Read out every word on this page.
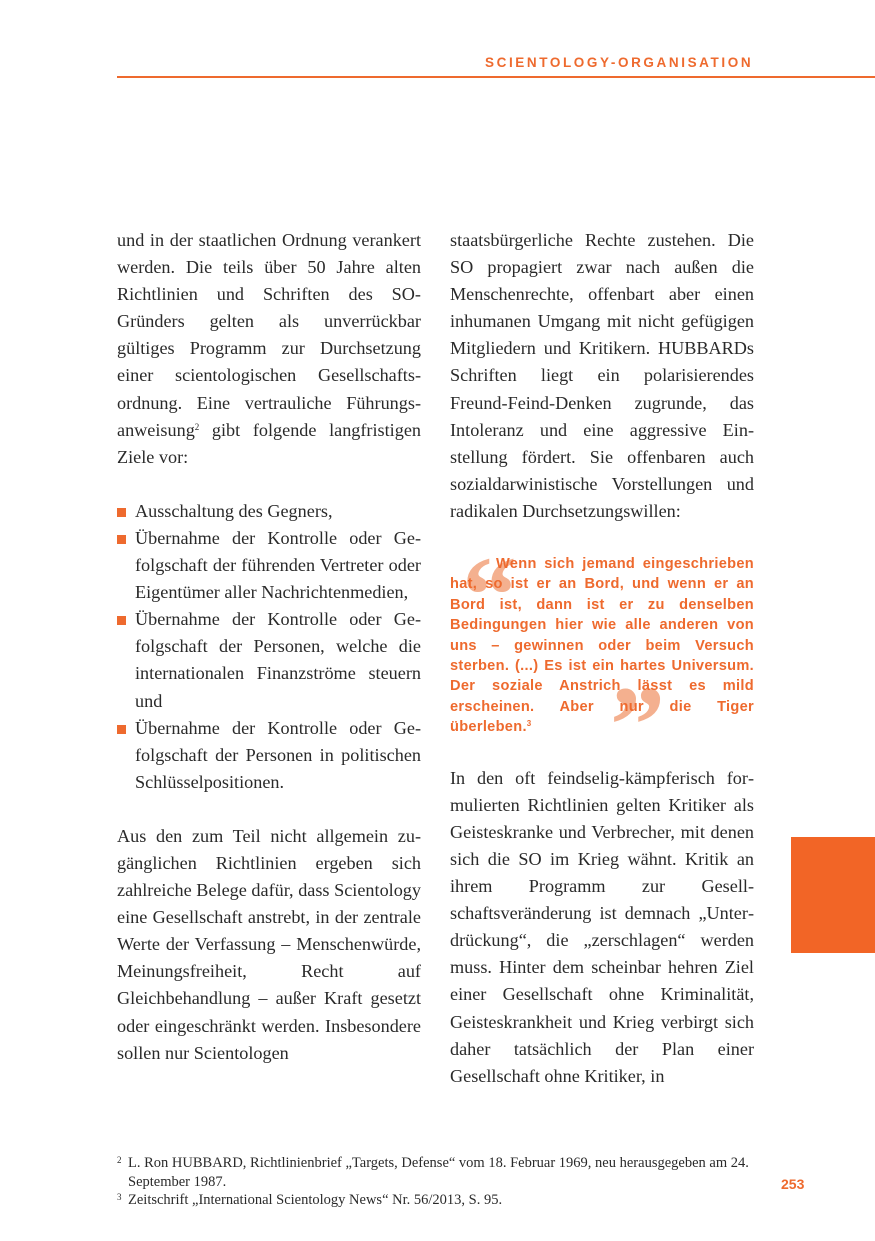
SCIENTOLOGY-ORGANISATION

und in der staatlichen Ordnung verankert werden. Die teils über 50 Jahre alten Richtlinien und Schriften des SO-Gründers gelten als unverrückbar gültiges Programm zur Durchsetzung einer scientologischen Gesellschaftsordnung. Eine vertrauliche Führungsanweisung$^2$ gibt folgende langfristigen Ziele vor:

Ausschaltung des Gegners,
Übernahme der Kontrolle oder Gefolgschaft der führenden Vertreter oder Eigentümer aller Nachrichtenmedien,
Übernahme der Kontrolle oder Gefolgschaft der Personen, welche die internationalen Finanzströme steuern und
Übernahme der Kontrolle oder Gefolgschaft der Personen in politischen Schlüsselpositionen.

Aus den zum Teil nicht allgemein zugänglichen Richtlinien ergeben sich zahlreiche Belege dafür, dass Scientology eine Gesellschaft anstrebt, in der zentrale Werte der Verfassung – Menschenwürde, Meinungsfreiheit, Recht auf Gleichbehandlung – außer Kraft gesetzt oder eingeschränkt werden. Insbesondere sollen nur Scientologen

staatsbürgerliche Rechte zustehen. Die SO propagiert zwar nach außen die Menschenrechte, offenbart aber einen inhumanen Umgang mit nicht gefügigen Mitgliedern und Kritikern. HUBBARDs Schriften liegt ein polarisierendes Freund-Feind-Denken zugrunde, das Intoleranz und eine aggressive Einstellung fördert. Sie offenbaren auch sozialdarwinistische Vorstellungen und radikalen Durchsetzungswillen:

“
”

Wenn sich jemand eingeschrieben hat, so ist er an Bord, und wenn er an Bord ist, dann ist er zu denselben Bedingungen hier wie alle anderen von uns – gewinnen oder beim Versuch sterben. (...) Es ist ein hartes Universum. Der soziale Anstrich lässt es mild erscheinen. Aber nur die Tiger überleben.$^3$

In den oft feindselig-kämpferisch formulierten Richtlinien gelten Kritiker als Geisteskranke und Verbrecher, mit denen sich die SO im Krieg wähnt. Kritik an ihrem Programm zur Gesellschaftsveränderung ist demnach „Unterdrückung“, die „zerschlagen“ werden muss. Hinter dem scheinbar hehren Ziel einer Gesellschaft ohne Kriminalität, Geisteskrankheit und Krieg verbirgt sich daher tatsächlich der Plan einer Gesellschaft ohne Kritiker, in

2 L. Ron HUBBARD, Richtlinienbrief „Targets, Defense“ vom 18. Februar 1969, neu herausgegeben am 24. September 1987.

3 Zeitschrift „International Scientology News“ Nr. 56/2013, S. 95.

253
